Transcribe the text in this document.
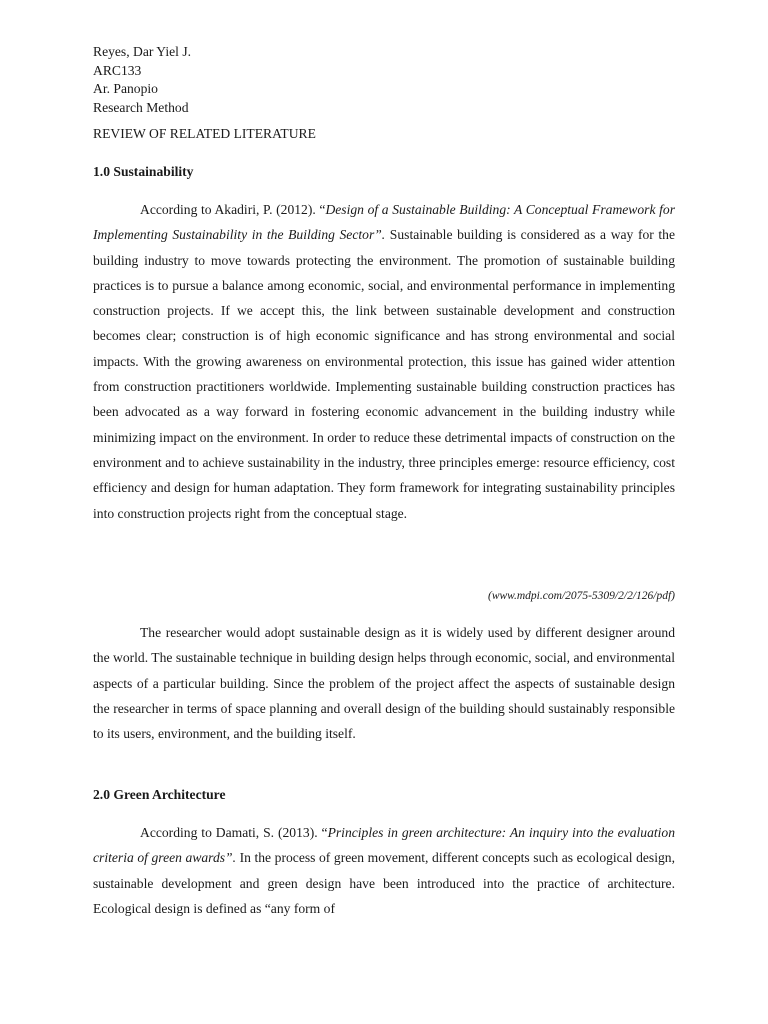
Reyes, Dar Yiel J.
ARC133
Ar. Panopio
Research Method
REVIEW OF RELATED LITERATURE
1.0 Sustainability

According to Akadiri, P. (2012). “Design of a Sustainable Building: A Conceptual Framework for Implementing Sustainability in the Building Sector”. Sustainable building is considered as a way for the building industry to move towards protecting the environment. The promotion of sustainable building practices is to pursue a balance among economic, social, and environmental performance in implementing construction projects. If we accept this, the link between sustainable development and construction becomes clear; construction is of high economic significance and has strong environmental and social impacts. With the growing awareness on environmental protection, this issue has gained wider attention from construction practitioners worldwide. Implementing sustainable building construction practices has been advocated as a way forward in fostering economic advancement in the building industry while minimizing impact on the environment. In order to reduce these detrimental impacts of construction on the environment and to achieve sustainability in the industry, three principles emerge: resource efficiency, cost efficiency and design for human adaptation. They form framework for integrating sustainability principles into construction projects right from the conceptual stage.

(www.mdpi.com/2075-5309/2/2/126/pdf)

The researcher would adopt sustainable design as it is widely used by different designer around the world. The sustainable technique in building design helps through economic, social, and environmental aspects of a particular building. Since the problem of the project affect the aspects of sustainable design the researcher in terms of space planning and overall design of the building should sustainably responsible to its users, environment, and the building itself.

2.0 Green Architecture

According to Damati, S. (2013). “Principles in green architecture: An inquiry into the evaluation criteria of green awards”. In the process of green movement, different concepts such as ecological design, sustainable development and green design have been introduced into the practice of architecture. Ecological design is defined as “any form of
